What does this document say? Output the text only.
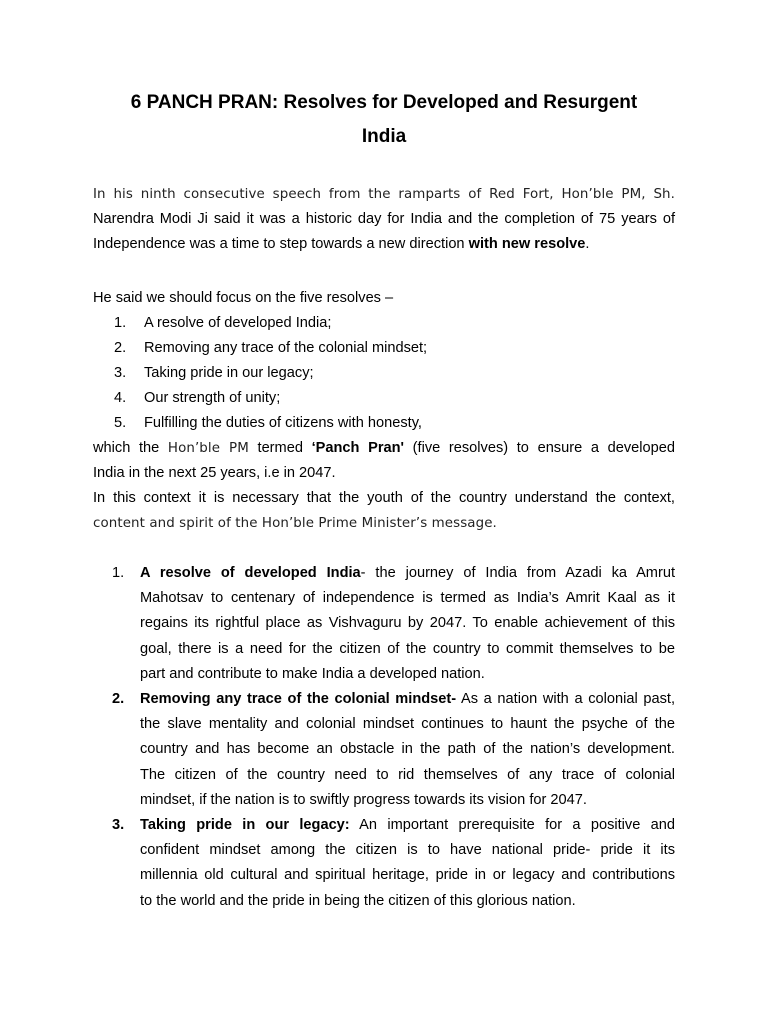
6 PANCH PRAN: Resolves for Developed and Resurgent
India
In his ninth consecutive speech from the ramparts of Red Fort, Hon’ble PM, Sh.
Narendra Modi Ji said it was a historic day for India and the completion of 75 years of
Independence was a time to step towards a new direction with new resolve.
He said we should focus on the five resolves –
1.	A resolve of developed India;
2.	Removing any trace of the colonial mindset;
3.	Taking pride in our legacy;
4.	Our strength of unity;
5.	Fulfilling the duties of citizens with honesty,
which the Hon’ble PM termed ‘Panch Pran' (five resolves) to ensure a developed
India in the next 25 years, i.e in 2047.
In this context it is necessary that the youth of the country understand the context,
content and spirit of the Hon’ble Prime Minister’s message.
1.	A resolve of developed India- the journey of India from Azadi ka Amrut
Mahotsav to centenary of independence is termed as India’s Amrit Kaal as it
regains its rightful place as Vishvaguru by 2047. To enable achievement of this
goal, there is a need for the citizen of the country to commit themselves to be
part and contribute to make India a developed nation.
2.	Removing any trace of the colonial mindset- As a nation with a colonial past,
the slave mentality and colonial mindset continues to haunt the psyche of the
country and has become an obstacle in the path of the nation’s development.
The citizen of the country need to rid themselves of any trace of colonial
mindset, if the nation is to swiftly progress towards its vision for 2047.
3.	Taking pride in our legacy: An important prerequisite for a positive and
confident mindset among the citizen is to have national pride- pride it its
millennia old cultural and spiritual heritage, pride in or legacy and contributions
to the world and the pride in being the citizen of this glorious nation.
